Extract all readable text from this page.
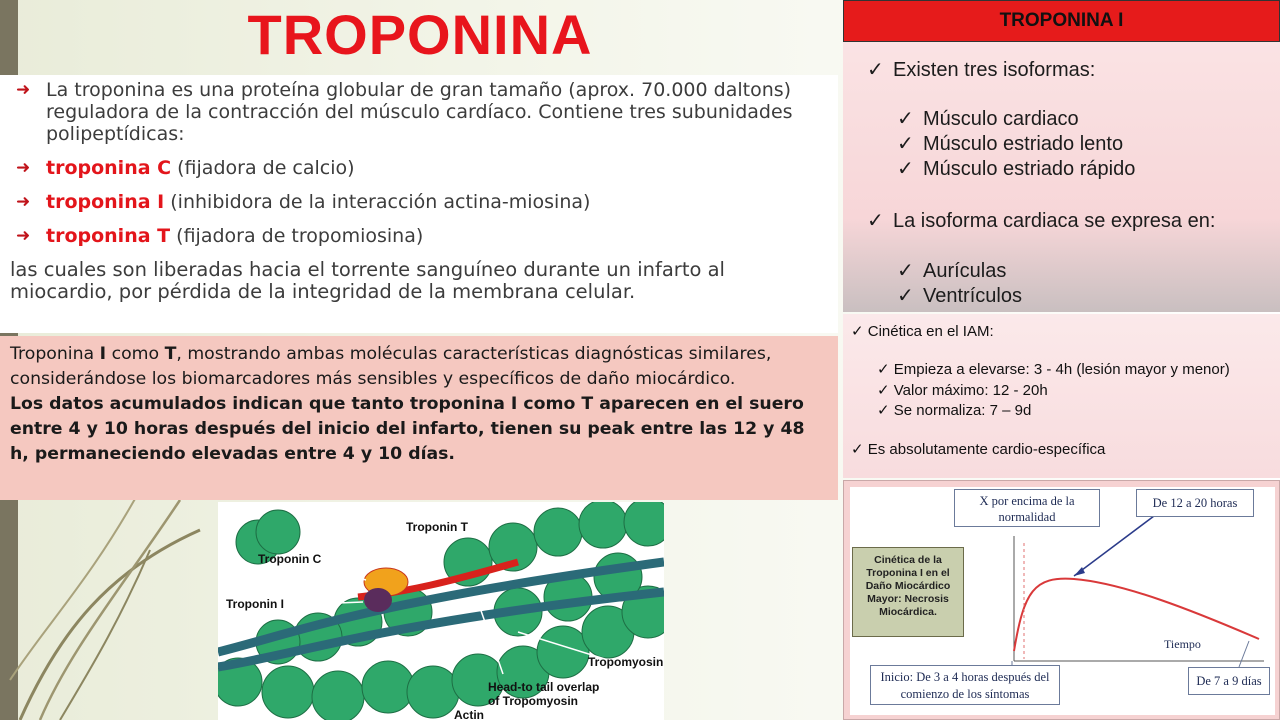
TROPONINA
➜ La troponina es una proteína globular de gran tamaño (aprox. 70.000 daltons) reguladora de la contracción del músculo cardíaco. Contiene tres subunidades polipeptídicas:
➜ troponina C (fijadora de calcio)
➜ troponina I (inhibidora de la interacción actina-miosina)
➜ troponina T (fijadora de tropomiosina)
las cuales son liberadas hacia el torrente sanguíneo durante un infarto al miocardio, por pérdida de la integridad de la membrana celular.
Troponina I como T, mostrando ambas moléculas características diagnósticas similares, considerándose los biomarcadores más sensibles y específicos de daño miocárdico.
Los datos acumulados indican que tanto troponina I como T aparecen en el suero entre 4 y 10 horas después del inicio del infarto, tienen su peak entre las 12 y 48 h, permaneciendo elevadas entre 4 y 10 días.
Troponin T
Troponin C
Troponin I
Tropomyosin
Head-to tail overlap
of Tropomyosin
Actin
TROPONINA I
✓ Existen tres isoformas:
✓ Músculo cardiaco
✓ Músculo estriado lento
✓ Músculo estriado rápido
✓ La isoforma cardiaca se expresa en:
✓ Aurículas
✓ Ventrículos
✓ Cinética en el IAM:
✓ Empieza a elevarse: 3 - 4h (lesión mayor y menor)
✓ Valor máximo: 12 - 20h
✓ Se normaliza: 7 – 9d
✓ Es absolutamente cardio-específica
X por encima de la
normalidad
De 12 a 20 horas
Cinética de la
Troponina I en el
Daño Miocárdico
Mayor: Necrosis
Miocárdica.
Tiempo
Inicio: De 3 a 4 horas después del
comienzo de los síntomas
De 7 a 9 días
